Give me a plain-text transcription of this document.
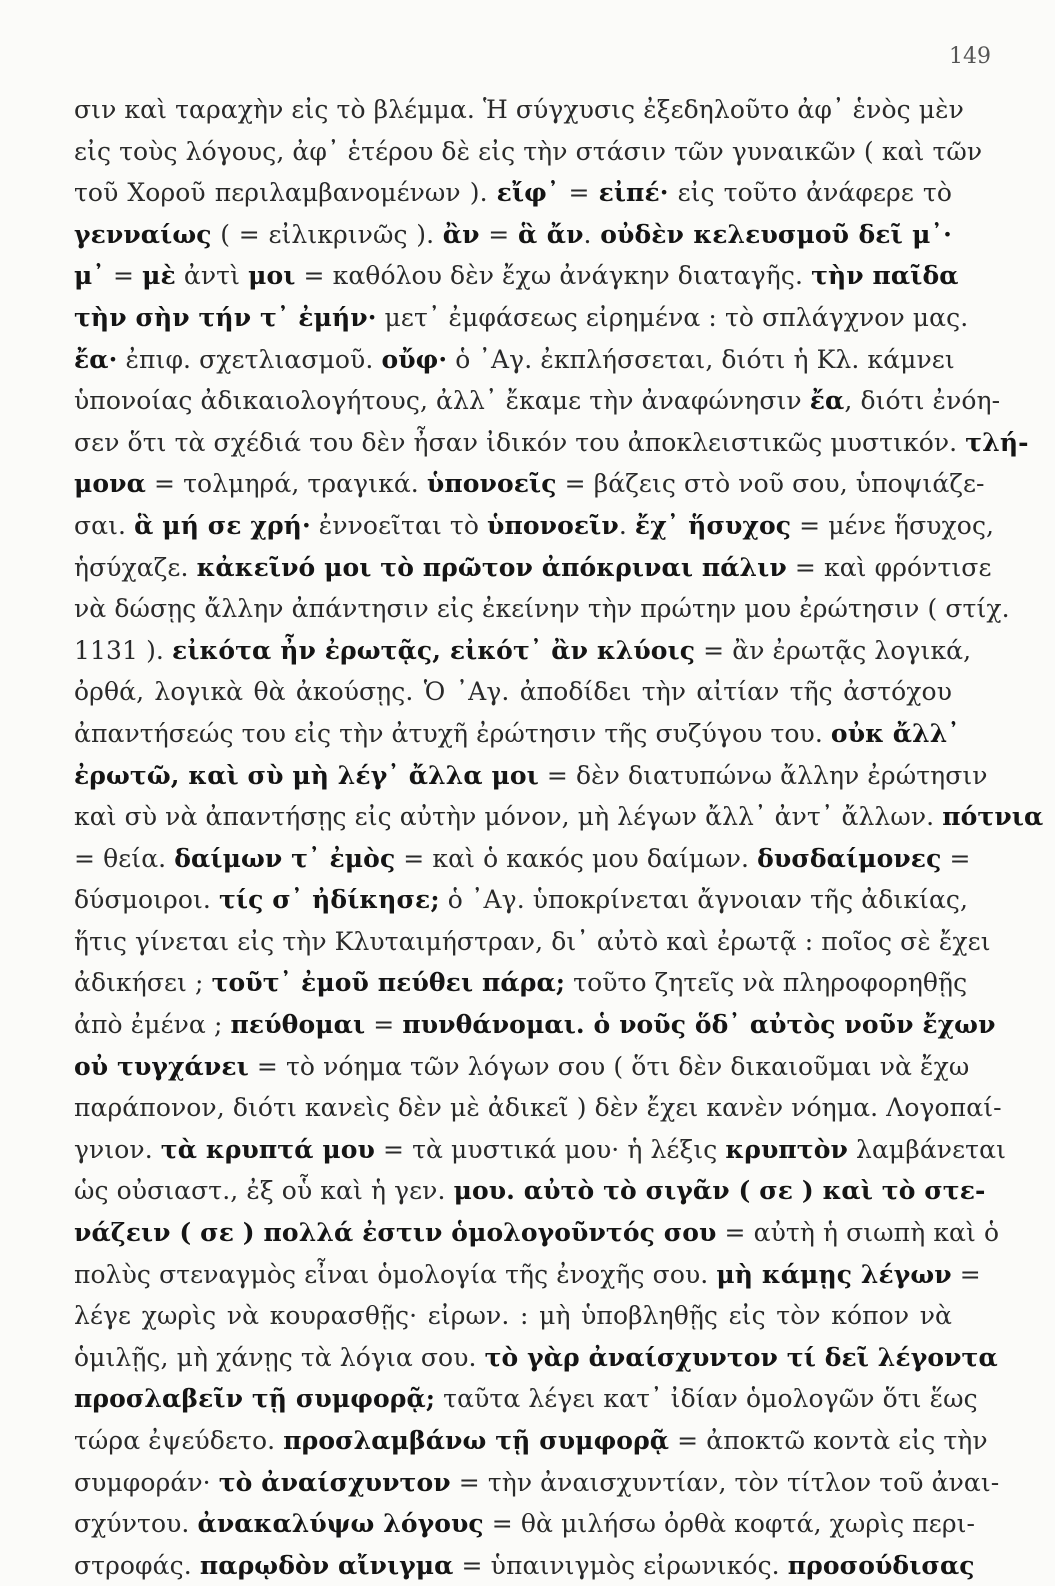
149
σιν καὶ ταραχὴν εἰς τὸ βλέμμα. Ἡ σύγχυσις ἐξεδηλοῦτο ἀφ᾿ ἑνὸς μὲν
εἰς τοὺς λόγους, ἀφ᾿ ἑτέρου δὲ εἰς τὴν στάσιν τῶν γυναικῶν ( καὶ τῶν
τοῦ Χοροῦ περιλαμβανομένων ). εἴφ᾿ = εἰπέ· εἰς τοῦτο ἀνάφερε τὸ
γενναίως ( = εἰλικρινῶς ). ἂν = ἃ ἄν. οὐδὲν κελευσμοῦ δεῖ μ᾿·
μ᾿ = μὲ ἀντὶ μοι = καθόλου δὲν ἔχω ἀνάγκην διαταγῆς. τὴν παῖδα
τὴν σὴν τήν τ᾿ ἐμήν· μετ᾿ ἐμφάσεως εἰρημένα : τὸ σπλάγχνον μας.
ἔα· ἐπιφ. σχετλιασμοῦ. οὔφ· ὁ ᾿Αγ. ἐκπλήσσεται, διότι ἡ Κλ. κάμνει
ὑπονοίας ἀδικαιολογήτους, ἀλλ᾿ ἔκαμε τὴν ἀναφώνησιν ἔα, διότι ἐνόη-
σεν ὅτι τὰ σχέδιά του δὲν ἦσαν ἰδικόν του ἀποκλειστικῶς μυστικόν. τλή-
μονα = τολμηρά, τραγικά. ὑπονοεῖς = βάζεις στὸ νοῦ σου, ὑποψιάζε-
σαι. ἃ μή σε χρή· ἐννοεῖται τὸ ὑπονοεῖν. ἔχ᾿ ἥσυχος = μένε ἥσυχος,
ἡσύχαζε. κἀκεῖνό μοι τὸ πρῶτον ἀπόκριναι πάλιν = καὶ φρόντισε
νὰ δώσῃς ἄλλην ἀπάντησιν εἰς ἐκείνην τὴν πρώτην μου ἐρώτησιν ( στίχ.
1131 ). εἰκότα ἦν ἐρωτᾷς, εἰκότ᾿ ἂν κλύοις = ἂν ἐρωτᾷς λογικά,
ὀρθά, λογικὰ θὰ ἀκούσῃς. Ὁ ᾿Αγ. ἀποδίδει τὴν αἰτίαν τῆς ἀστόχου
ἀπαντήσεώς του εἰς τὴν ἀτυχῆ ἐρώτησιν τῆς συζύγου του. οὐκ ἄλλ᾿
ἐρωτῶ, καὶ σὺ μὴ λέγ᾿ ἄλλα μοι = δὲν διατυπώνω ἄλλην ἐρώτησιν
καὶ σὺ νὰ ἀπαντήσῃς εἰς αὐτὴν μόνον, μὴ λέγων ἄλλ᾿ ἀντ᾿ ἄλλων. πότνια
= θεία. δαίμων τ᾿ ἐμὸς = καὶ ὁ κακός μου δαίμων. δυσδαίμονες =
δύσμοιροι. τίς σ᾿ ἠδίκησε; ὁ ᾿Αγ. ὑποκρίνεται ἄγνοιαν τῆς ἀδικίας,
ἥτις γίνεται εἰς τὴν Κλυταιμήστραν, δι᾿ αὐτὸ καὶ ἐρωτᾷ : ποῖος σὲ ἔχει
ἀδικήσει ; τοῦτ᾿ ἐμοῦ πεύθει πάρα; τοῦτο ζητεῖς νὰ πληροφορηθῇς
ἀπὸ ἐμένα ; πεύθομαι = πυνθάνομαι. ὁ νοῦς ὅδ᾿ αὐτὸς νοῦν ἔχων
οὐ τυγχάνει = τὸ νόημα τῶν λόγων σου ( ὅτι δὲν δικαιοῦμαι νὰ ἔχω
παράπονον, διότι κανεὶς δὲν μὲ ἀδικεῖ ) δὲν ἔχει κανὲν νόημα. Λογοπαί-
γνιον. τὰ κρυπτά μου = τὰ μυστικά μου· ἡ λέξις κρυπτὸν λαμβάνεται
ὡς οὐσιαστ., ἐξ οὗ καὶ ἡ γεν. μου. αὐτὸ τὸ σιγᾶν ( σε ) καὶ τὸ στε-
νάζειν ( σε ) πολλά ἐστιν ὁμολογοῦντός σου = αὐτὴ ἡ σιωπὴ καὶ ὁ
πολὺς στεναγμὸς εἶναι ὁμολογία τῆς ἐνοχῆς σου. μὴ κάμῃς λέγων =
λέγε χωρὶς νὰ κουρασθῇς· εἰρων. : μὴ ὑποβληθῇς εἰς τὸν κόπον νὰ
ὁμιλῇς, μὴ χάνῃς τὰ λόγια σου. τὸ γὰρ ἀναίσχυντον τί δεῖ λέγοντα
προσλαβεῖν τῇ συμφορᾷ; ταῦτα λέγει κατ᾿ ἰδίαν ὁμολογῶν ὅτι ἕως
τώρα ἐψεύδετο. προσλαμβάνω τῇ συμφορᾷ = ἀποκτῶ κοντὰ εἰς τὴν
συμφοράν· τὸ ἀναίσχυντον = τὴν ἀναισχυντίαν, τὸν τίτλον τοῦ ἀναι-
σχύντου. ἀνακαλύψω λόγους = θὰ μιλήσω ὀρθὰ κοφτά, χωρὶς περι-
στροφάς. παρῳδὸν αἴνιγμα = ὑπαινιγμὸς εἰρωνικός. προσούδισας
